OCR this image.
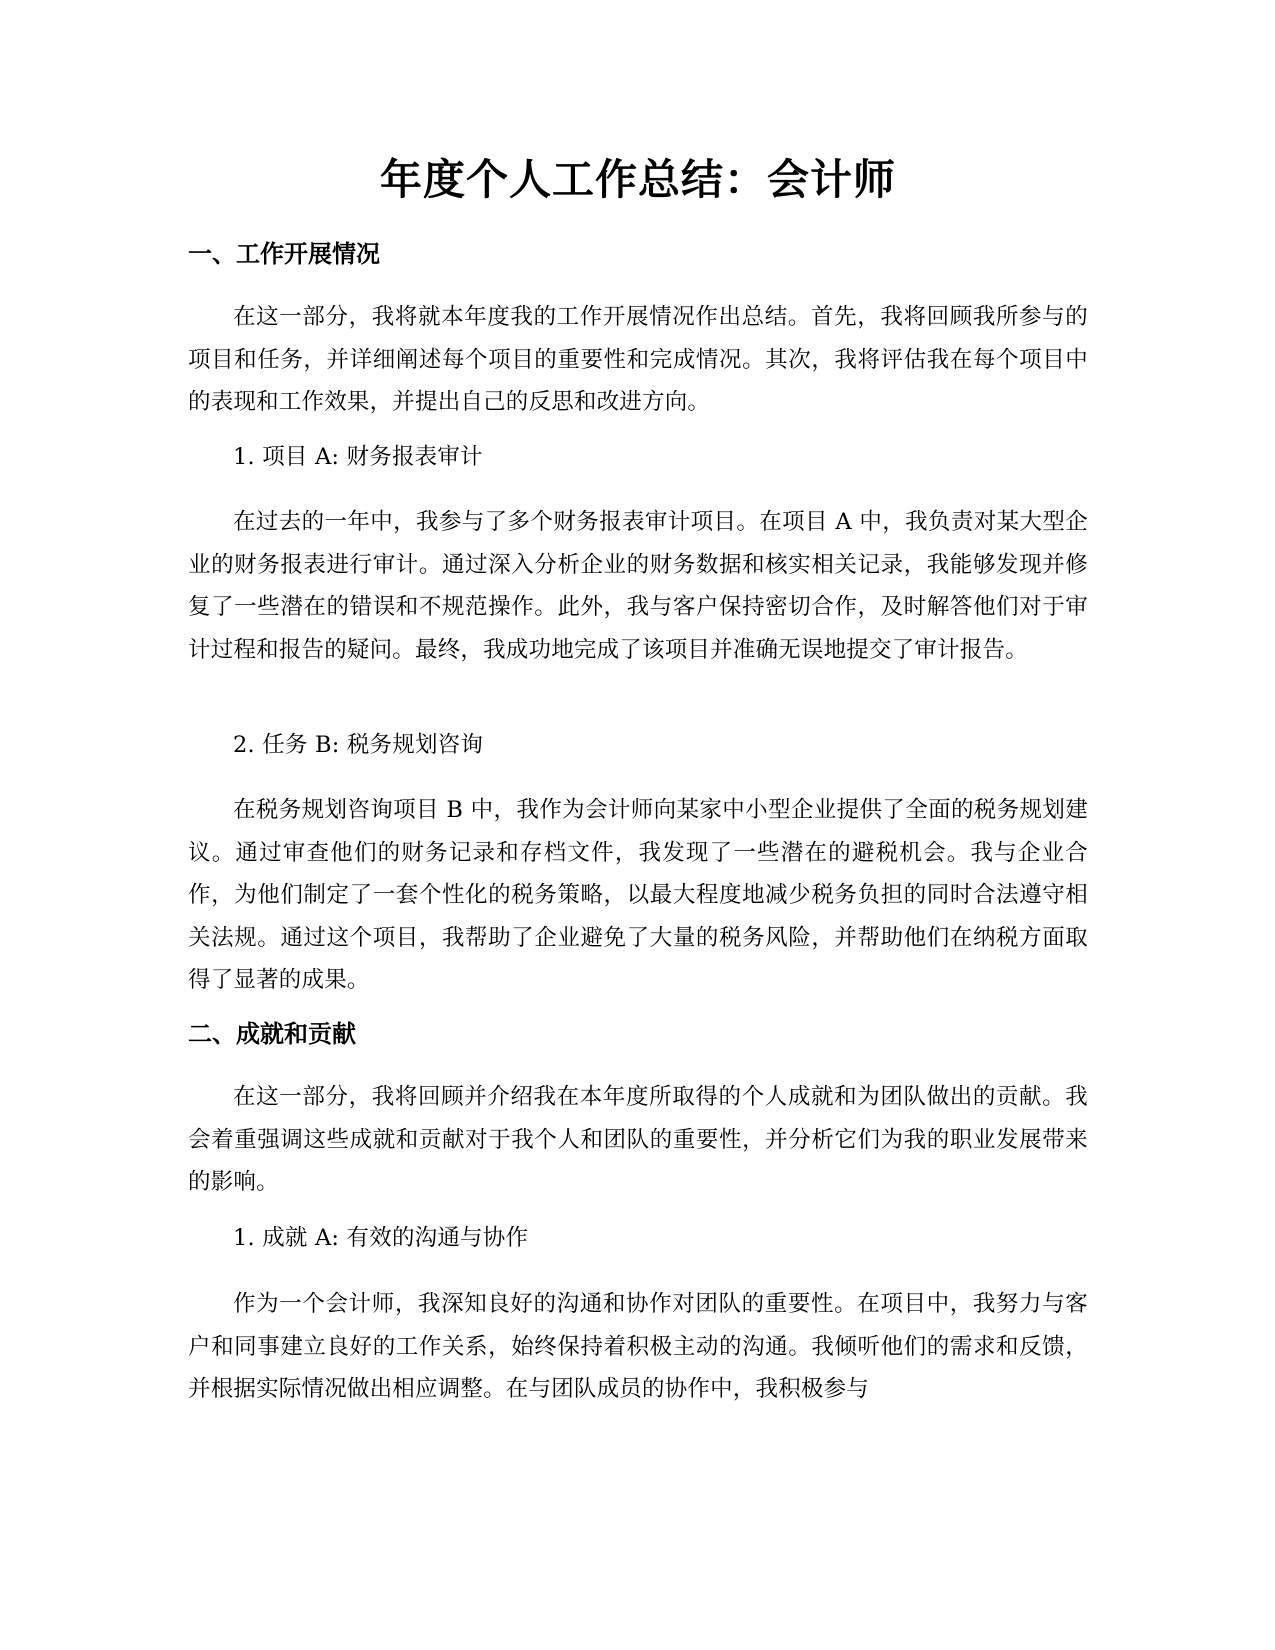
年度个人工作总结：会计师
一、工作开展情况

在这一部分，我将就本年度我的工作开展情况作出总结。首先，我将回顾我所参与的项目和任务，并详细阐述每个项目的重要性和完成情况。其次，我将评估我在每个项目中的表现和工作效果，并提出自己的反思和改进方向。

1. 项目 A: 财务报表审计

在过去的一年中，我参与了多个财务报表审计项目。在项目 A 中，我负责对某大型企业的财务报表进行审计。通过深入分析企业的财务数据和核实相关记录，我能够发现并修复了一些潜在的错误和不规范操作。此外，我与客户保持密切合作，及时解答他们对于审计过程和报告的疑问。最终，我成功地完成了该项目并准确无误地提交了审计报告。

2. 任务 B: 税务规划咨询

在税务规划咨询项目 B 中，我作为会计师向某家中小型企业提供了全面的税务规划建议。通过审查他们的财务记录和存档文件，我发现了一些潜在的避税机会。我与企业合作，为他们制定了一套个性化的税务策略，以最大程度地减少税务负担的同时合法遵守相关法规。通过这个项目，我帮助了企业避免了大量的税务风险，并帮助他们在纳税方面取得了显著的成果。

二、成就和贡献

在这一部分，我将回顾并介绍我在本年度所取得的个人成就和为团队做出的贡献。我会着重强调这些成就和贡献对于我个人和团队的重要性，并分析它们为我的职业发展带来的影响。

1. 成就 A: 有效的沟通与协作

作为一个会计师，我深知良好的沟通和协作对团队的重要性。在项目中，我努力与客户和同事建立良好的工作关系，始终保持着积极主动的沟通。我倾听他们的需求和反馈，并根据实际情况做出相应调整。在与团队成员的协作中，我积极参与
